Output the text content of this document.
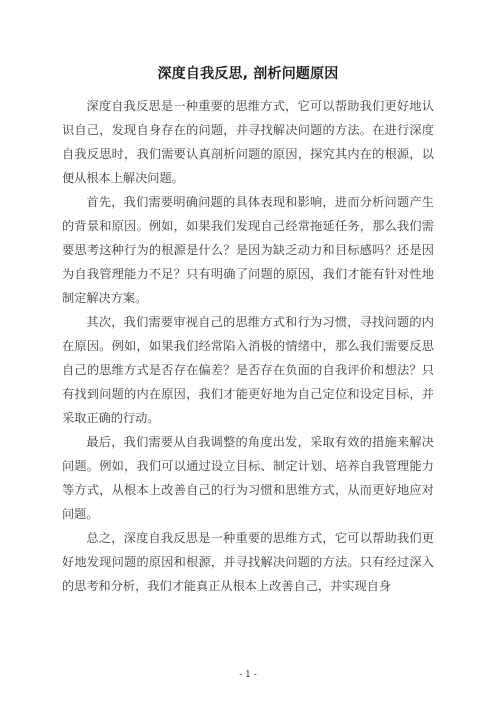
深度自我反思, 剖析问题原因

深度自我反思是一种重要的思维方式，它可以帮助我们更好地认识自己，发现自身存在的问题，并寻找解决问题的方法。在进行深度自我反思时，我们需要认真剖析问题的原因，探究其内在的根源，以便从根本上解决问题。

首先，我们需要明确问题的具体表现和影响，进而分析问题产生的背景和原因。例如，如果我们发现自己经常拖延任务，那么我们需要思考这种行为的根源是什么？是因为缺乏动力和目标感吗？还是因为自我管理能力不足？只有明确了问题的原因，我们才能有针对性地制定解决方案。

其次，我们需要审视自己的思维方式和行为习惯，寻找问题的内在原因。例如，如果我们经常陷入消极的情绪中，那么我们需要反思自己的思维方式是否存在偏差？是否存在负面的自我评价和想法？只有找到问题的内在原因，我们才能更好地为自己定位和设定目标，并采取正确的行动。

最后，我们需要从自我调整的角度出发，采取有效的措施来解决问题。例如，我们可以通过设立目标、制定计划、培养自我管理能力等方式，从根本上改善自己的行为习惯和思维方式，从而更好地应对问题。

总之，深度自我反思是一种重要的思维方式，它可以帮助我们更好地发现问题的原因和根源，并寻找解决问题的方法。只有经过深入的思考和分析，我们才能真正从根本上改善自己，并实现自身

- 1 -
